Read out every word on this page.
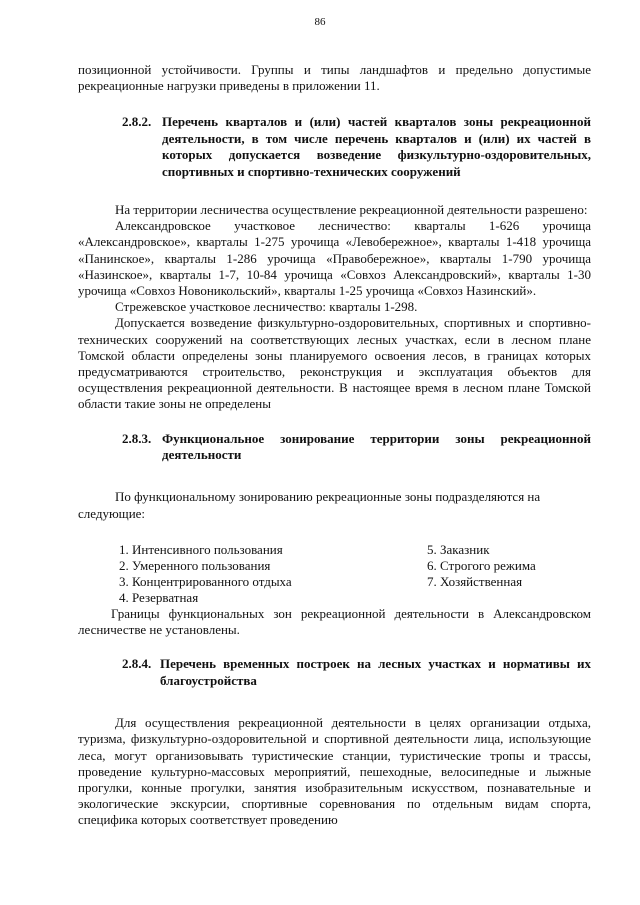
86

позиционной устойчивости. Группы и типы ландшафтов и предельно допустимые рекреационные нагрузки приведены в приложении 11.

2.8.2. Перечень кварталов и (или) частей кварталов зоны рекреационной деятельности, в том числе перечень кварталов и (или) их частей в которых допускается возведение физкультурно-оздоровительных, спортивных и спортивно-технических сооружений

На территории лесничества осуществление рекреационной деятельности разрешено:

Александровское участковое лесничество: кварталы 1-626 урочища «Александровское», кварталы 1-275 урочища «Левобережное», кварталы 1-418 урочища «Панинское», кварталы 1-286 урочища «Правобережное», кварталы 1-790 урочища «Назинское», кварталы 1-7, 10-84 урочища «Совхоз Александровский», кварталы 1-30 урочища «Совхоз Новоникольский», кварталы 1-25 урочища «Совхоз Назинский».

Стрежевское участковое лесничество: кварталы 1-298.

Допускается возведение физкультурно-оздоровительных, спортивных и спортивно-технических сооружений на соответствующих лесных участках, если в лесном плане Томской области определены зоны планируемого освоения лесов, в границах которых предусматриваются строительство, реконструкция и эксплуатация объектов для осуществления рекреационной деятельности. В настоящее время в лесном плане Томской области такие зоны не определены

2.8.3. Функциональное зонирование территории зоны рекреационной деятельности

По функциональному зонированию рекреационные зоны подразделяются на следующие:

1. Интенсивного пользования	5. Заказник
2. Умеренного пользования	6. Строгого режима
3. Концентрированного отдыха	7. Хозяйственная
4. Резерватная

Границы функциональных зон рекреационной деятельности в Александровском лесничестве не установлены.

2.8.4. Перечень временных построек на лесных участках и нормативы их благоустройства

Для осуществления рекреационной деятельности в целях организации отдыха, туризма, физкультурно-оздоровительной и спортивной деятельности лица, использующие леса, могут организовывать туристические станции, туристические тропы и трассы, проведение культурно-массовых мероприятий, пешеходные, велосипедные и лыжные прогулки, конные прогулки, занятия изобразительным искусством, познавательные и экологические экскурсии, спортивные соревнования по отдельным видам спорта, специфика которых соответствует проведению
